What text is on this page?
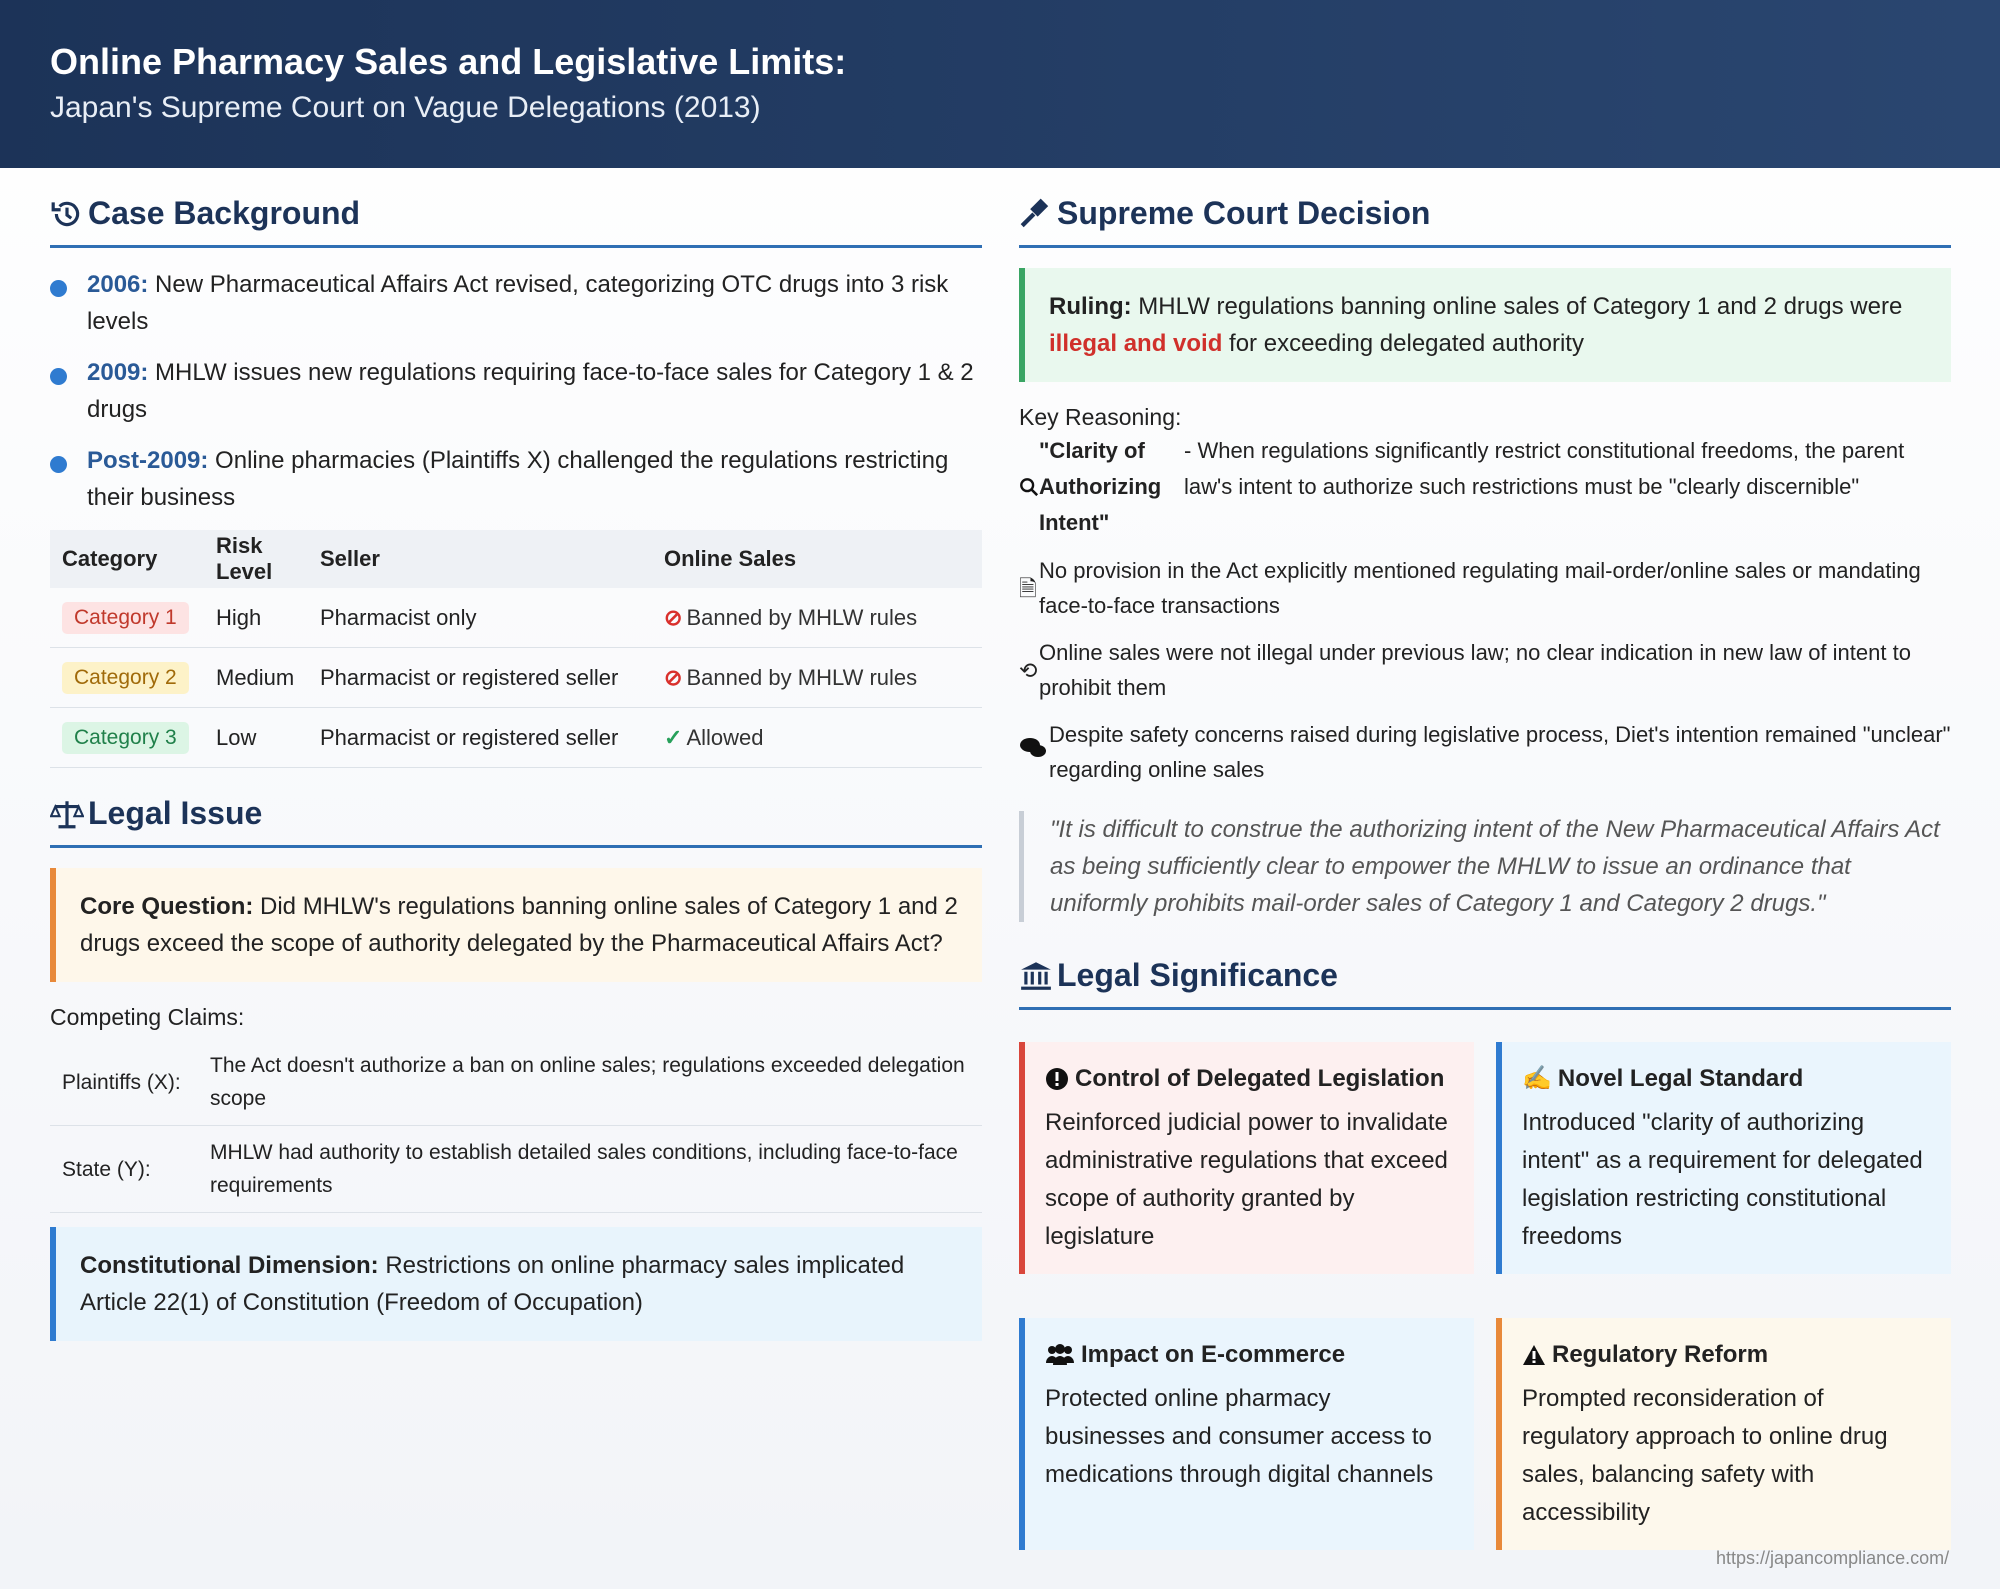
Online Pharmacy Sales and Legislative Limits:
Japan's Supreme Court on Vague Delegations (2013)
Case Background
2006: New Pharmaceutical Affairs Act revised, categorizing OTC drugs into 3 risk levels
2009: MHLW issues new regulations requiring face-to-face sales for Category 1 & 2 drugs
Post-2009: Online pharmacies (Plaintiffs X) challenged the regulations restricting their business
Category	Risk Level	Seller	Online Sales
Category 1	High	Pharmacist only	⊘ Banned by MHLW rules
Category 2	Medium	Pharmacist or registered seller	⊘ Banned by MHLW rules
Category 3	Low	Pharmacist or registered seller	✓ Allowed
Legal Issue
Core Question: Did MHLW's regulations banning online sales of Category 1 and 2 drugs exceed the scope of authority delegated by the Pharmaceutical Affairs Act?
Competing Claims:
Plaintiffs (X):	The Act doesn't authorize a ban on online sales; regulations exceeded delegation scope
State (Y):	MHLW had authority to establish detailed sales conditions, including face-to-face requirements
Constitutional Dimension: Restrictions on online pharmacy sales implicated Article 22(1) of Constitution (Freedom of Occupation)
Supreme Court Decision
Ruling: MHLW regulations banning online sales of Category 1 and 2 drugs were illegal and void for exceeding delegated authority
Key Reasoning:
"Clarity of Authorizing Intent"
- When regulations significantly restrict constitutional freedoms, the parent law's intent to authorize such restrictions must be "clearly discernible"
🗎
No provision in the Act explicitly mentioned regulating mail-order/online sales or mandating face-to-face transactions
⟲
Online sales were not illegal under previous law; no clear indication in new law of intent to prohibit them
Despite safety concerns raised during legislative process, Diet's intention remained "unclear" regarding online sales
"It is difficult to construe the authorizing intent of the New Pharmaceutical Affairs Act as being sufficiently clear to empower the MHLW to issue an ordinance that uniformly prohibits mail-order sales of Category 1 and Category 2 drugs."
Legal Significance
Control of Delegated Legislation
Reinforced judicial power to invalidate administrative regulations that exceed scope of authority granted by legislature
✍ Novel Legal Standard
Introduced "clarity of authorizing intent" as a requirement for delegated legislation restricting constitutional freedoms
Impact on E-commerce
Protected online pharmacy businesses and consumer access to medications through digital channels
Regulatory Reform
Prompted reconsideration of regulatory approach to online drug sales, balancing safety with accessibility
https://japancompliance.com/
